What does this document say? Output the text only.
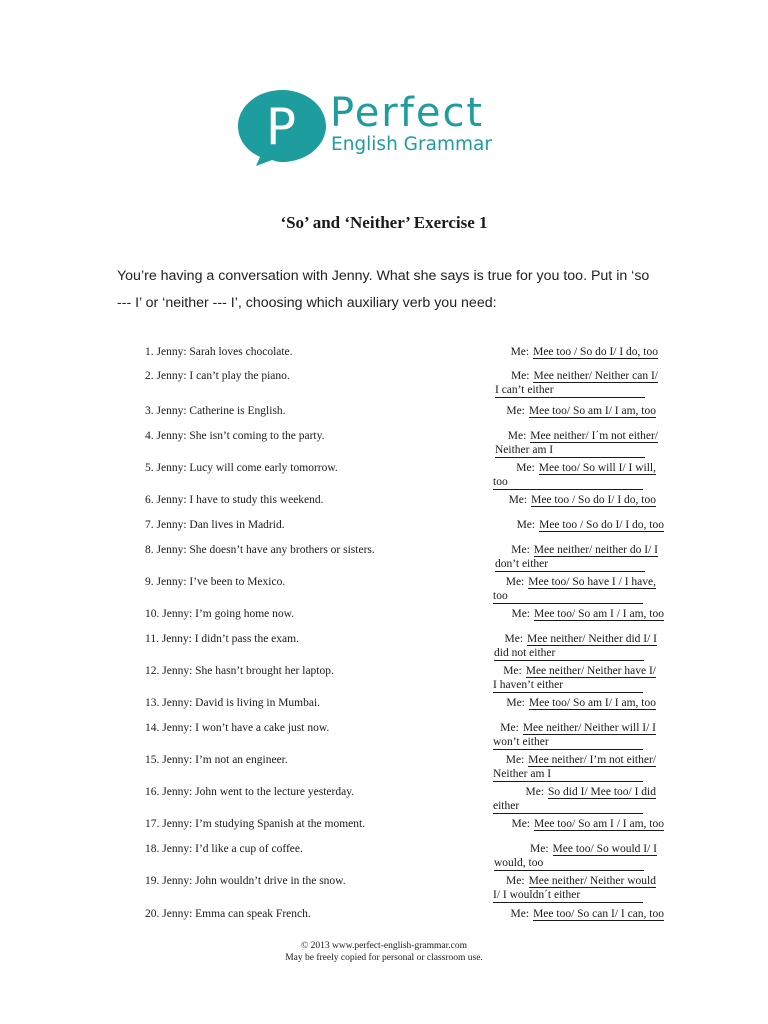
P Perfect
English Grammar
‘So’ and ‘Neither’ Exercise 1

You’re having a conversation with Jenny. What she says is true for you too. Put in ‘so

--- I’ or ‘neither --- I’, choosing which auxiliary verb you need:

1. Jenny: Sarah loves chocolate.	Me: Mee too / So do I/ I do, too
2. Jenny: I can’t play the piano.	Me: Mee neither/ Neither can I/
I can’t either
3. Jenny: Catherine is English.	Me: Mee too/ So am I/ I am, too
4. Jenny: She isn’t coming to the party.	Me: Mee neither/ I´m not either/
Neither am I
5. Jenny: Lucy will come early tomorrow.	Me: Mee too/ So will I/ I will,
too
6. Jenny: I have to study this weekend.	Me: Mee too / So do I/ I do, too
7. Jenny: Dan lives in Madrid.	Me: Mee too / So do I/ I do, too
8. Jenny: She doesn’t have any brothers or sisters.	Me: Mee neither/ neither do I/ I
don’t either
9. Jenny: I’ve been to Mexico.	Me: Mee too/ So have I / I have,
too
10. Jenny: I’m going home now.	Me: Mee too/ So am I / I am, too
11. Jenny: I didn’t pass the exam.	Me: Mee neither/ Neither did I/ I
did not either
12. Jenny: She hasn’t brought her laptop.	Me: Mee neither/ Neither have I/
I haven’t either
13. Jenny: David is living in Mumbai.	Me: Mee too/ So am I/ I am, too
14. Jenny: I won’t have a cake just now.	Me: Mee neither/ Neither will I/ I
won’t either
15. Jenny: I’m not an engineer.	Me: Mee neither/ I’m not either/
Neither am I
16. Jenny: John went to the lecture yesterday.	Me: So did I/ Mee too/ I did
either
17. Jenny: I’m studying Spanish at the moment.	Me: Mee too/ So am I / I am, too
18. Jenny: I’d like a cup of coffee.	Me: Mee too/ So would I/ I
would, too
19. Jenny: John wouldn’t drive in the snow.	Me: Mee neither/ Neither would
I/ I wouldn´t either
20. Jenny: Emma can speak French.	Me: Mee too/ So can I/ I can, too
© 2013 www.perfect-english-grammar.com
May be freely copied for personal or classroom use.
